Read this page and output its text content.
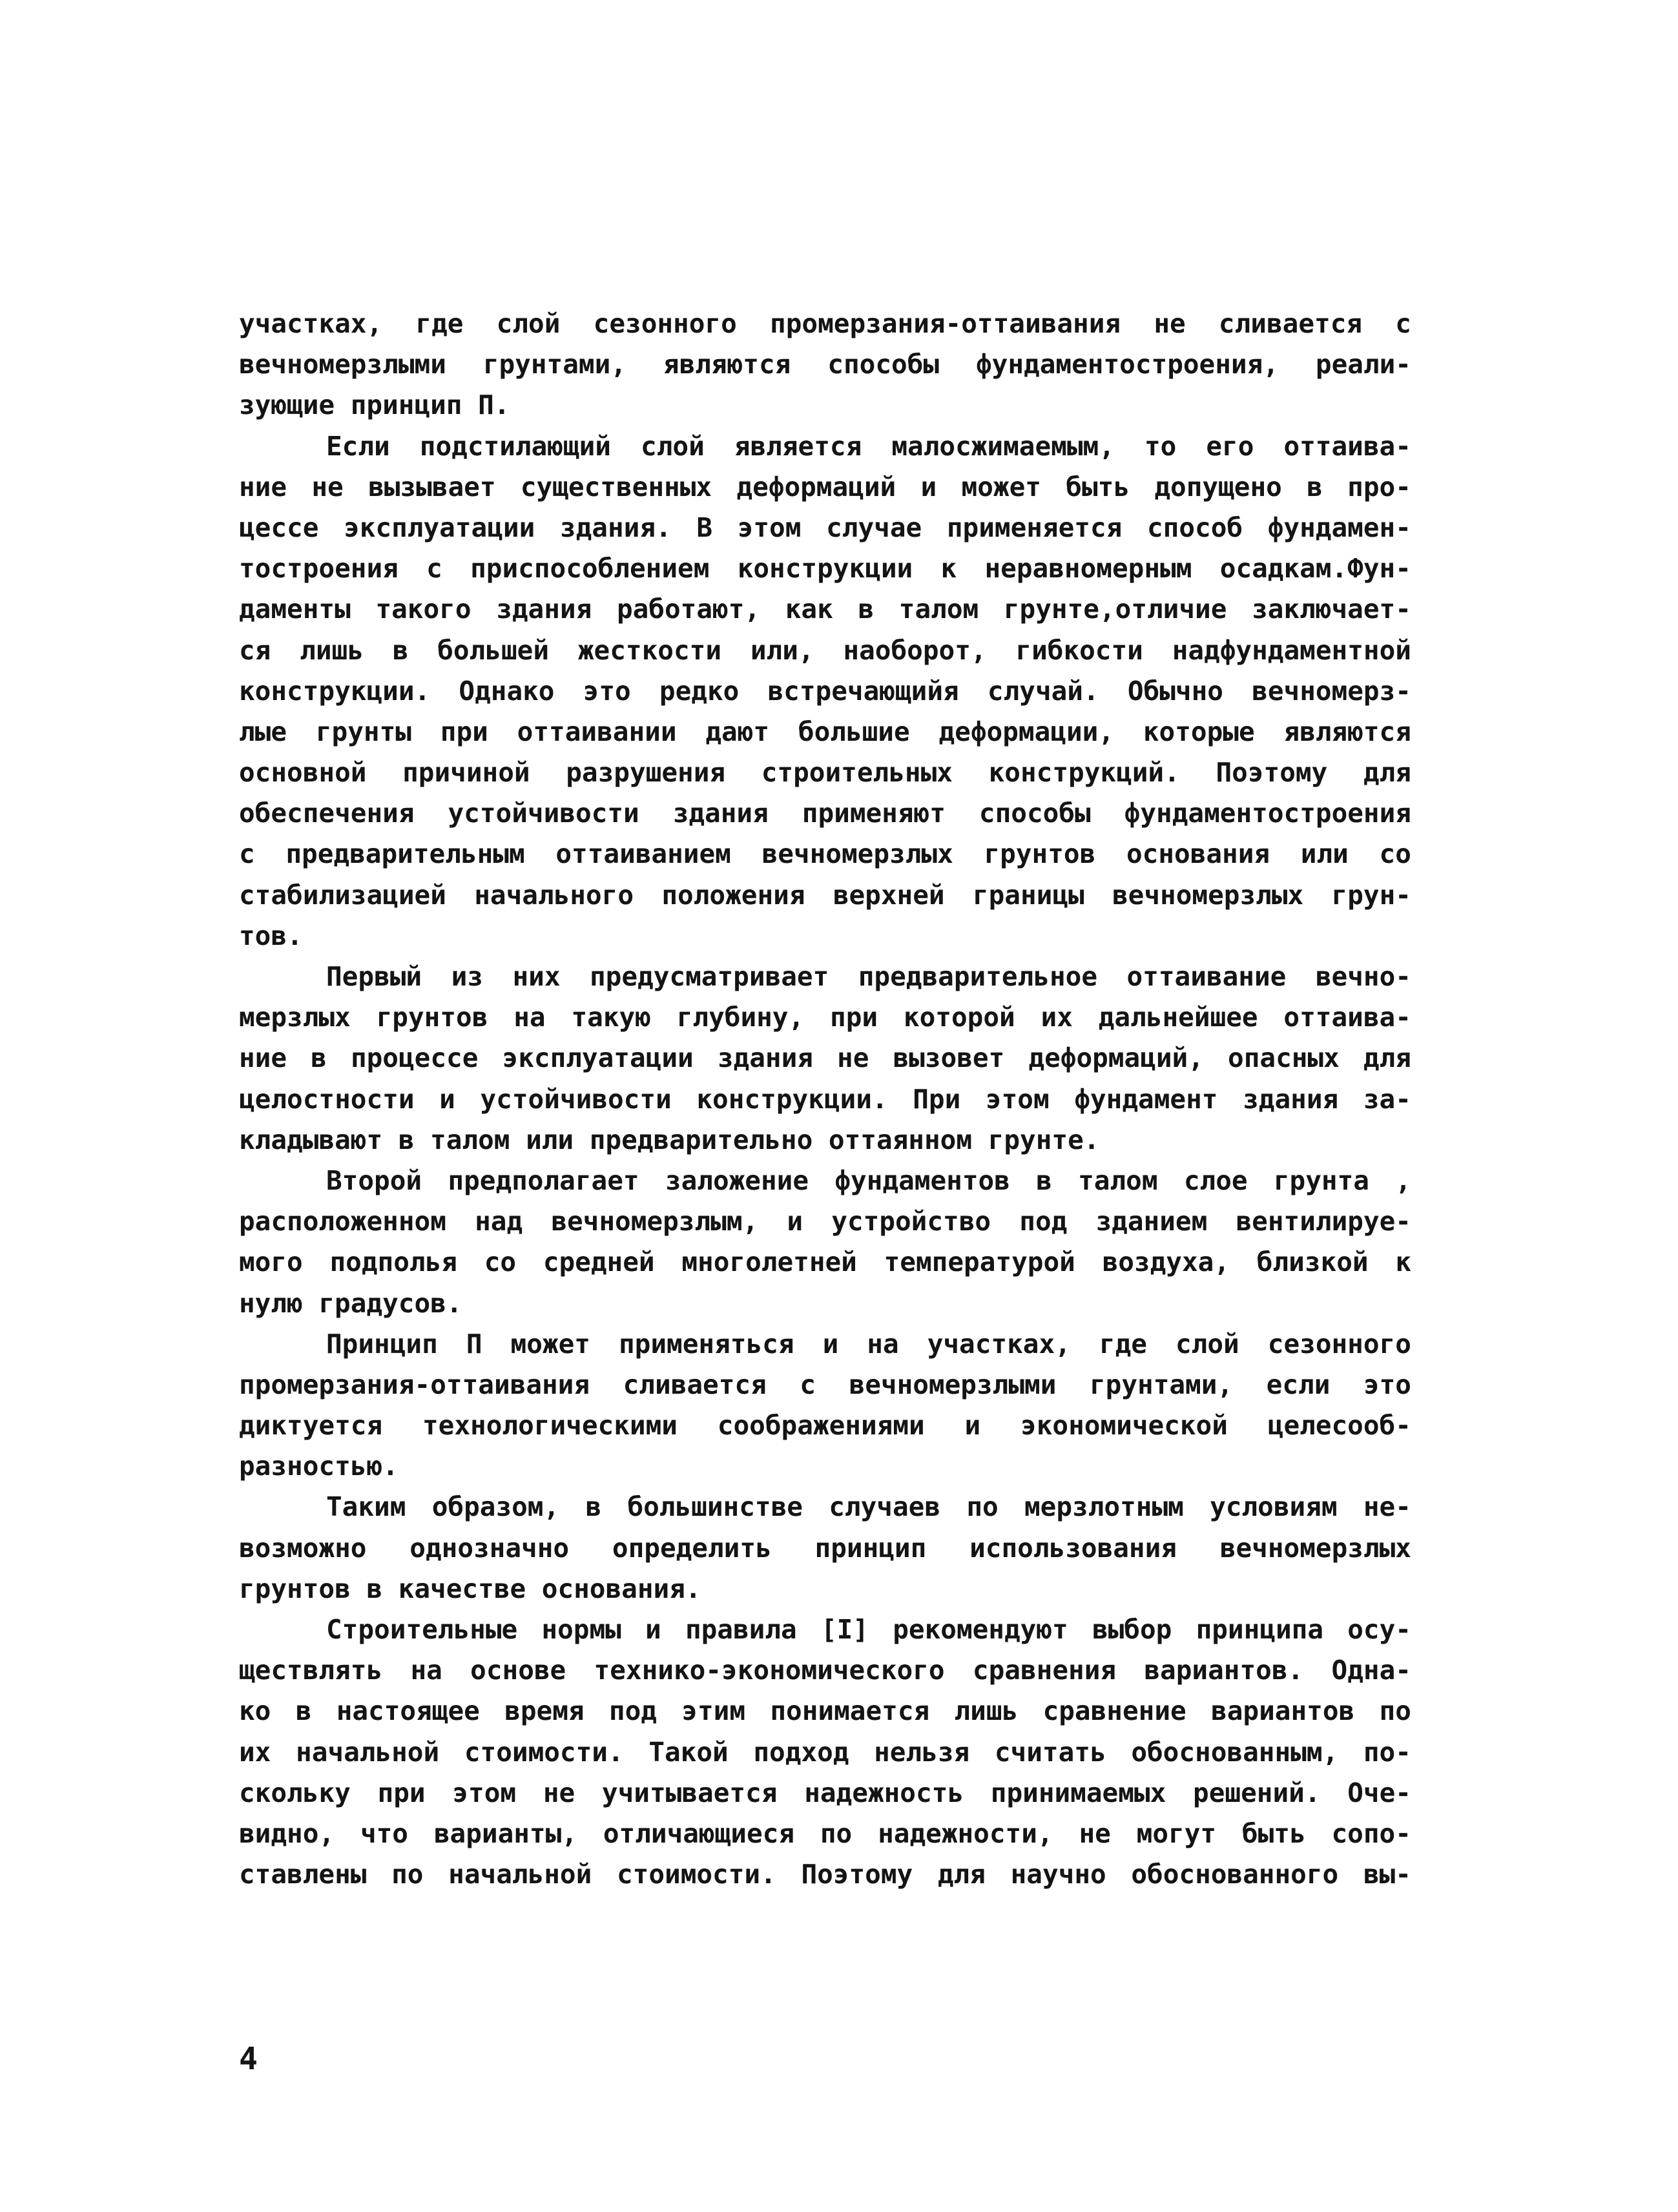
участках, где слой сезонного промерзания-оттаивания не сливается с
вечномерзлыми грунтами, являются способы фундаментостроения, реали-
зующие принцип П.
Если подстилающий слой является малосжимаемым, то его оттаива-
ние не вызывает существенных деформаций и может быть допущено в про-
цессе эксплуатации здания. В этом случае применяется способ фундамен-
тостроения с приспособлением конструкции к неравномерным осадкам.Фун-
даменты такого здания работают, как в талом грунте,отличие заключает-
ся лишь в большей жесткости или, наоборот, гибкости надфундаментной
конструкции. Однако это редко встречающийя случай. Обычно вечномерз-
лые грунты при оттаивании дают большие деформации, которые являются
основной причиной разрушения строительных конструкций. Поэтому для
обеспечения устойчивости здания применяют способы фундаментостроения
с предварительным оттаиванием вечномерзлых грунтов основания или со
стабилизацией начального положения верхней границы вечномерзлых грун-
тов.
Первый из них предусматривает предварительное оттаивание вечно-
мерзлых грунтов на такую глубину, при которой их дальнейшее оттаива-
ние в процессе эксплуатации здания не вызовет деформаций, опасных для
целостности и устойчивости конструкции. При этом фундамент здания за-
кладывают в талом или предварительно оттаянном грунте.
Второй предполагает заложение фундаментов в талом слое грунта ,
расположенном над вечномерзлым, и устройство под зданием вентилируе-
мого подполья со средней многолетней температурой воздуха, близкой к
нулю градусов.
Принцип П может применяться и на участках, где слой сезонного
промерзания-оттаивания сливается с вечномерзлыми грунтами, если это
диктуется технологическими соображениями и экономической целесооб-
разностью.
Таким образом, в большинстве случаев по мерзлотным условиям не-
возможно однозначно определить принцип использования вечномерзлых
грунтов в качестве основания.
Строительные нормы и правила [I] рекомендуют выбор принципа осу-
ществлять на основе технико-экономического сравнения вариантов. Одна-
ко в настоящее время под этим понимается лишь сравнение вариантов по
их начальной стоимости. Такой подход нельзя считать обоснованным, по-
скольку при этом не учитывается надежность принимаемых решений. Оче-
видно, что варианты, отличающиеся по надежности, не могут быть сопо-
ставлены по начальной стоимости. Поэтому для научно обоснованного вы-
4
